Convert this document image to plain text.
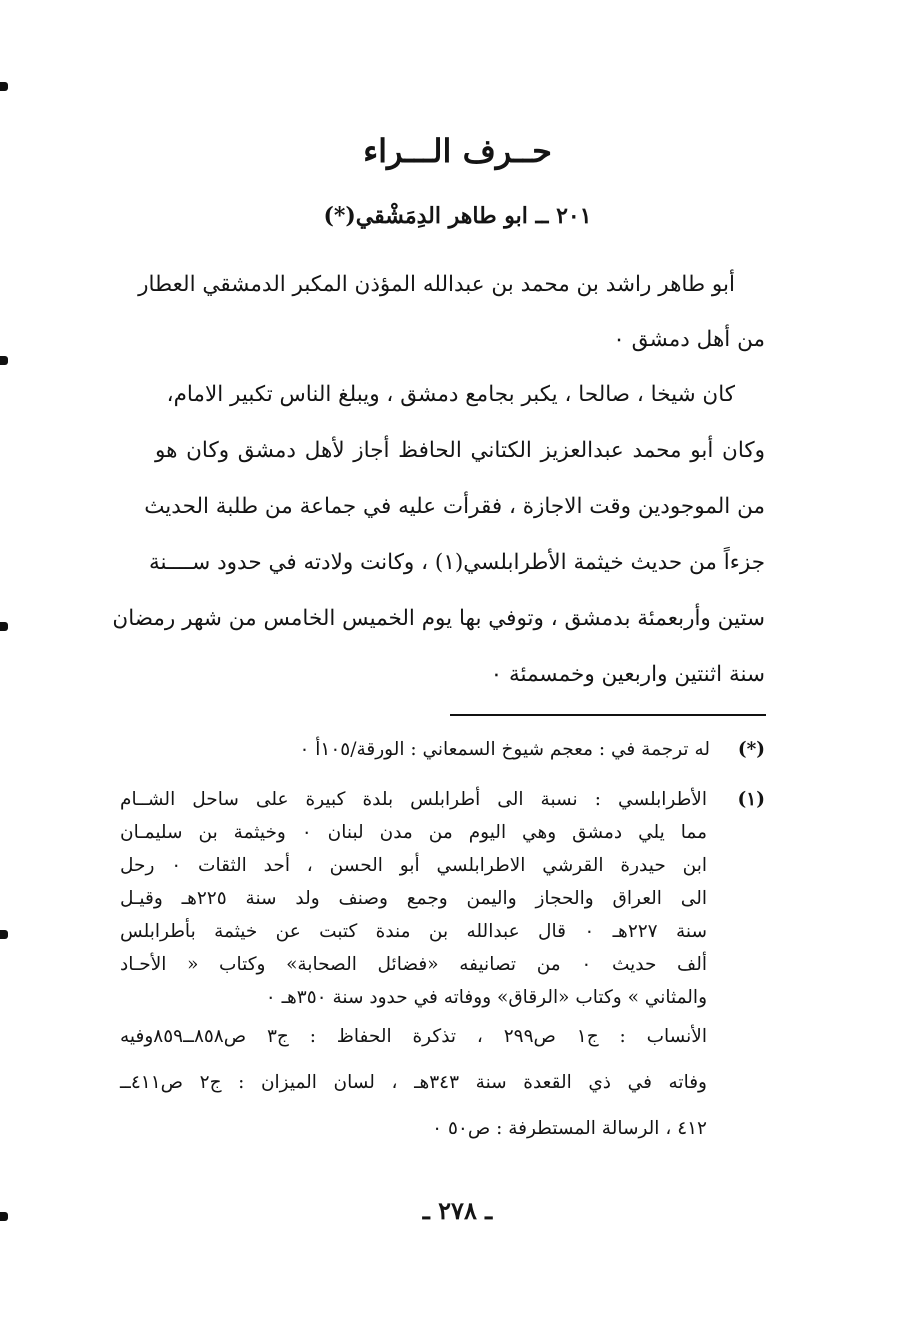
حــرف الـــراء
٢٠١ ــ ابو طاهر الدِمَشْقي(*)
أبو طاهر راشد بن محمد بن عبدالله المؤذن المكبر الدمشقي العطار
من أهل دمشق ٠
كان شيخا ، صالحا ، يكبر بجامع دمشق ، ويبلغ الناس تكبير الامام،
وكان أبو محمد عبدالعزيز الكتاني الحافظ أجاز لأهل دمشق وكان هو
من الموجودين وقت الاجازة ، فقرأت عليه في جماعة من طلبة الحديث
جزءاً من حديث خيثمة الأطرابلسي(١) ، وكانت ولادته في حدود ســــنة
ستين وأربعمئة بدمشق ، وتوفي بها يوم الخميس الخامس من شهر رمضان
سنة اثنتين واربعين وخمسمئة ٠
(*)
له ترجمة في : معجم شيوخ السمعاني : الورقة/١٠٥أ ٠
(١)
الأطرابلسي : نسبة الى أطرابلس بلدة كبيرة على ساحل الشــام
مما يلي دمشق وهي اليوم من مدن لبنان ٠ وخيثمة بن سليمـان
ابن حيدرة القرشي الاطرابلسي أبو الحسن ، أحد الثقات ٠ رحل
الى العراق والحجاز واليمن وجمع وصنف ولد سنة ٢٢٥هـ وقيـل
سنة ٢٢٧هـ ٠ قال عبدالله بن مندة كتبت عن خيثمة بأطرابلس
ألف حديث ٠ من تصانيفه «فضائل الصحابة» وكتاب « الأحـاد
والمثاني » وكتاب «الرقاق» ووفاته في حدود سنة ٣٥٠هـ ٠
الأنساب : ج١ ص٢٩٩ ، تذكرة الحفاظ : ج٣ ص٨٥٨ــ٨٥٩وفيه
وفاته في ذي القعدة سنة ٣٤٣هـ ، لسان الميزان : ج٢ ص٤١١ــ
٤١٢ ، الرسالة المستطرفة : ص٥٠ ٠
ـ ٢٧٨ ـ
